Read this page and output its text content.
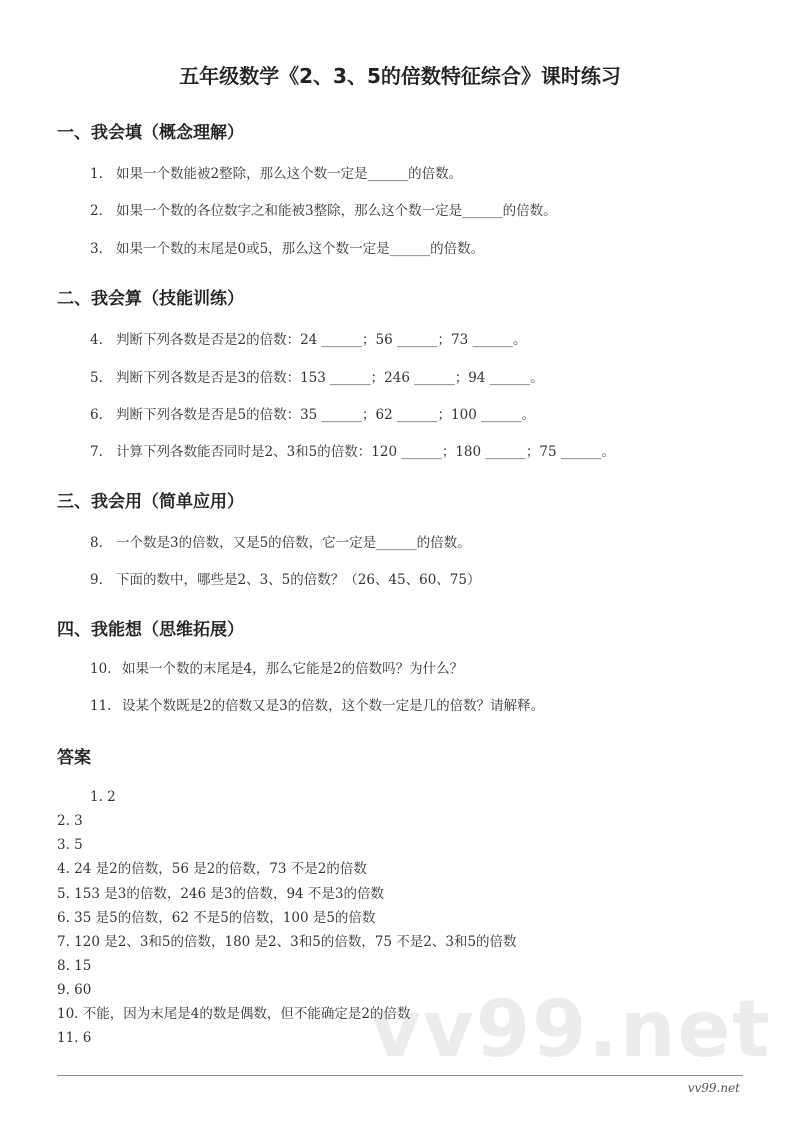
五年级数学《2、3、5的倍数特征综合》课时练习
一、我会填（概念理解）
1. 如果一个数能被2整除，那么这个数一定是______的倍数。
2. 如果一个数的各位数字之和能被3整除，那么这个数一定是______的倍数。
3. 如果一个数的末尾是0或5，那么这个数一定是______的倍数。
二、我会算（技能训练）
4. 判断下列各数是否是2的倍数：24 ______；56 ______；73 ______。
5. 判断下列各数是否是3的倍数：153 ______；246 ______；94 ______。
6. 判断下列各数是否是5的倍数：35 ______；62 ______；100 ______。
7. 计算下列各数能否同时是2、3和5的倍数：120 ______；180 ______；75 ______。
三、我会用（简单应用）
8. 一个数是3的倍数，又是5的倍数，它一定是______的倍数。
9. 下面的数中，哪些是2、3、5的倍数？（26、45、60、75）
四、我能想（思维拓展）
10. 如果一个数的末尾是4，那么它能是2的倍数吗？为什么？
11. 设某个数既是2的倍数又是3的倍数，这个数一定是几的倍数？请解释。
答案
vv99.net
1. 2
2. 3
3. 5
4. 24 是2的倍数，56 是2的倍数，73 不是2的倍数
5. 153 是3的倍数，246 是3的倍数，94 不是3的倍数
6. 35 是5的倍数，62 不是5的倍数，100 是5的倍数
7. 120 是2、3和5的倍数，180 是2、3和5的倍数，75 不是2、3和5的倍数
8. 15
9. 60
10. 不能，因为末尾是4的数是偶数，但不能确定是2的倍数
11. 6
vv99.net
